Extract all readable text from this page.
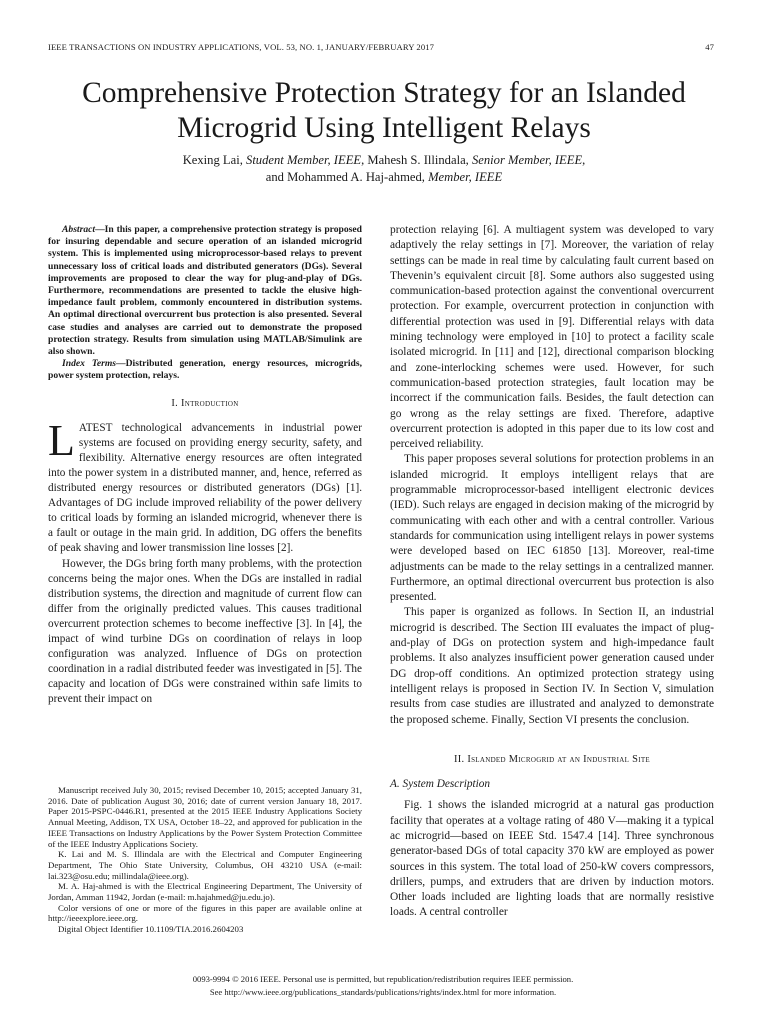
IEEE TRANSACTIONS ON INDUSTRY APPLICATIONS, VOL. 53, NO. 1, JANUARY/FEBRUARY 2017	47
Comprehensive Protection Strategy for an Islanded
Microgrid Using Intelligent Relays
Kexing Lai, Student Member, IEEE, Mahesh S. Illindala, Senior Member, IEEE,
and Mohammed A. Haj-ahmed, Member, IEEE

Abstract—In this paper, a comprehensive protection strategy is proposed for insuring dependable and secure operation of an islanded microgrid system. This is implemented using microprocessor-based relays to prevent unnecessary loss of critical loads and distributed generators (DGs). Several improvements are proposed to clear the way for plug-and-play of DGs. Furthermore, recommendations are presented to tackle the elusive high-impedance fault problem, commonly encountered in distribution systems. An optimal directional overcurrent bus protection is also presented. Several case studies and analyses are carried out to demonstrate the proposed protection strategy. Results from simulation using MATLAB/Simulink are also shown.

Index Terms—Distributed generation, energy resources, microgrids, power system protection, relays.

I. Introduction

LATEST technological advancements in industrial power systems are focused on providing energy security, safety, and flexibility. Alternative energy resources are often integrated into the power system in a distributed manner, and, hence, referred as distributed energy resources or distributed generators (DGs) [1]. Advantages of DG include improved reliability of the power delivery to critical loads by forming an islanded microgrid, whenever there is a fault or outage in the main grid. In addition, DG offers the benefits of peak shaving and lower transmission line losses [2].

However, the DGs bring forth many problems, with the protection concerns being the major ones. When the DGs are installed in radial distribution systems, the direction and magnitude of current flow can differ from the originally predicted values. This causes traditional overcurrent protection schemes to become ineffective [3]. In [4], the impact of wind turbine DGs on coordination of relays in loop configuration was analyzed. Influence of DGs on protection coordination in a radial distributed feeder was investigated in [5]. The capacity and location of DGs were constrained within safe limits to prevent their impact on

Manuscript received July 30, 2015; revised December 10, 2015; accepted January 31, 2016. Date of publication August 30, 2016; date of current version January 18, 2017. Paper 2015-PSPC-0446.R1, presented at the 2015 IEEE Industry Applications Society Annual Meeting, Addison, TX USA, October 18–22, and approved for publication in the IEEE Transactions on Industry Applications by the Power System Protection Committee of the IEEE Industry Applications Society.

K. Lai and M. S. Illindala are with the Electrical and Computer Engineering Department, The Ohio State University, Columbus, OH 43210 USA (e-mail: lai.323@osu.edu; millindala@ieee.org).

M. A. Haj-ahmed is with the Electrical Engineering Department, The University of Jordan, Amman 11942, Jordan (e-mail: m.hajahmed@ju.edu.jo).

Color versions of one or more of the figures in this paper are available online at http://ieeexplore.ieee.org.

Digital Object Identifier 10.1109/TIA.2016.2604203

protection relaying [6]. A multiagent system was developed to vary adaptively the relay settings in [7]. Moreover, the variation of relay settings can be made in real time by calculating fault current based on Thevenin’s equivalent circuit [8]. Some authors also suggested using communication-based protection against the conventional overcurrent protection. For example, overcurrent protection in conjunction with differential protection was used in [9]. Differential relays with data mining technology were employed in [10] to protect a facility scale isolated microgrid. In [11] and [12], directional comparison blocking and zone-interlocking schemes were used. However, for such communication-based protection strategies, fault location may be incorrect if the communication fails. Besides, the fault detection can go wrong as the relay settings are fixed. Therefore, adaptive overcurrent protection is adopted in this paper due to its low cost and perceived reliability.

This paper proposes several solutions for protection problems in an islanded microgrid. It employs intelligent relays that are programmable microprocessor-based intelligent electronic devices (IED). Such relays are engaged in decision making of the microgrid by communicating with each other and with a central controller. Various standards for communication using intelligent relays in power systems were developed based on IEC 61850 [13]. Moreover, real-time adjustments can be made to the relay settings in a centralized manner. Furthermore, an optimal directional overcurrent bus protection is also presented.

This paper is organized as follows. In Section II, an industrial microgrid is described. The Section III evaluates the impact of plug-and-play of DGs on protection system and high-impedance fault problems. It also analyzes insufficient power generation caused under DG drop-off conditions. An optimized protection strategy using intelligent relays is proposed in Section IV. In Section V, simulation results from case studies are illustrated and analyzed to demonstrate the proposed scheme. Finally, Section VI presents the conclusion.

II. Islanded Microgrid at an Industrial Site
A. System Description

Fig. 1 shows the islanded microgrid at a natural gas production facility that operates at a voltage rating of 480 V—making it a typical ac microgrid—based on IEEE Std. 1547.4 [14]. Three synchronous generator-based DGs of total capacity 370 kW are employed as power sources in this system. The total load of 250-kW covers compressors, drillers, pumps, and extruders that are driven by induction motors. Other loads included are lighting loads that are normally resistive loads. A central controller

0093-9994 © 2016 IEEE. Personal use is permitted, but republication/redistribution requires IEEE permission.
See http://www.ieee.org/publications_standards/publications/rights/index.html for more information.
